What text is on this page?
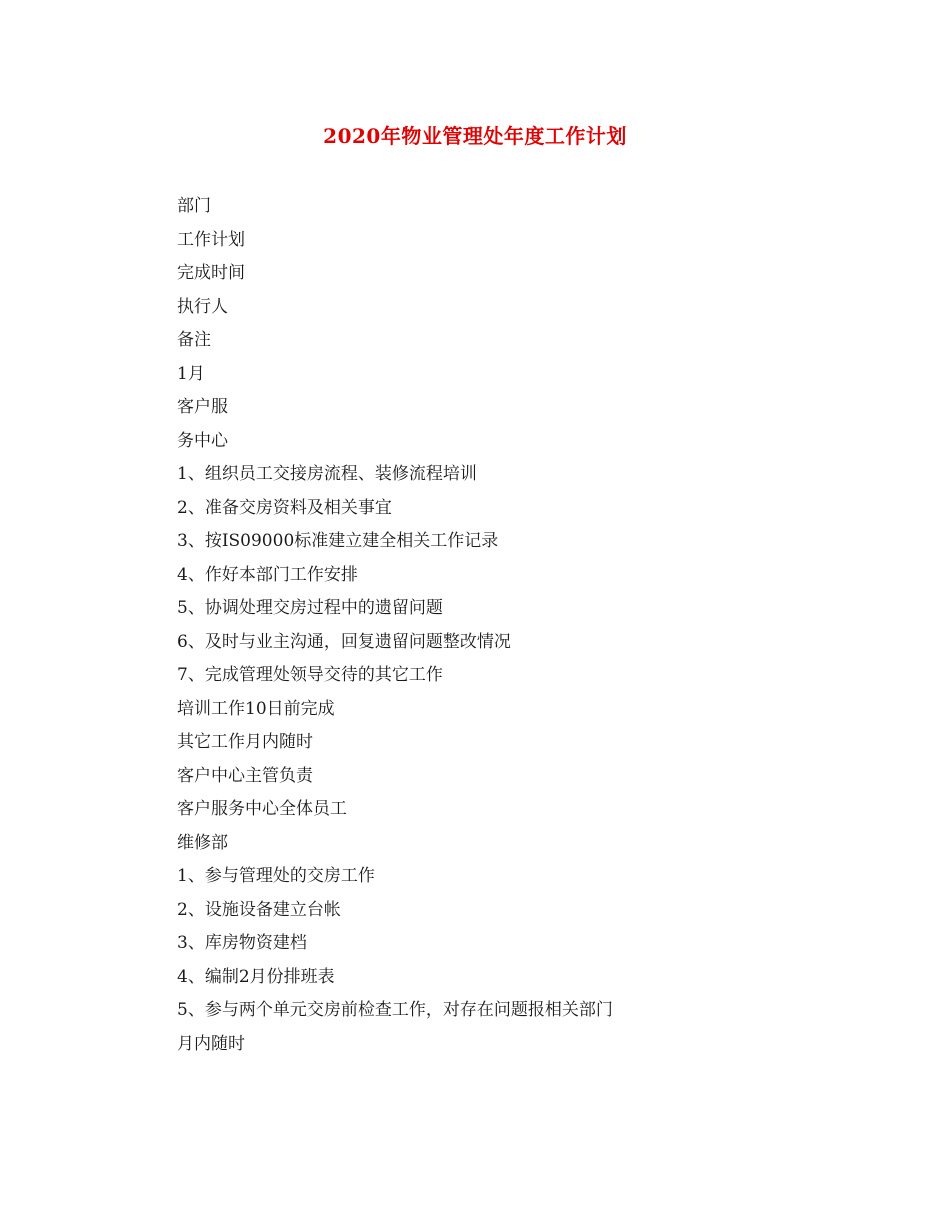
2020年物业管理处年度工作计划
部门
工作计划
完成时间
执行人
备注
1月
客户服
务中心
1、组织员工交接房流程、装修流程培训
2、准备交房资料及相关事宜
3、按IS09000标准建立建全相关工作记录
4、作好本部门工作安排
5、协调处理交房过程中的遗留问题
6、及时与业主沟通，回复遗留问题整改情况
7、完成管理处领导交待的其它工作
培训工作10日前完成
其它工作月内随时
客户中心主管负责
客户服务中心全体员工
维修部
1、参与管理处的交房工作
2、设施设备建立台帐
3、库房物资建档
4、编制2月份排班表
5、参与两个单元交房前检查工作，对存在问题报相关部门
月内随时
